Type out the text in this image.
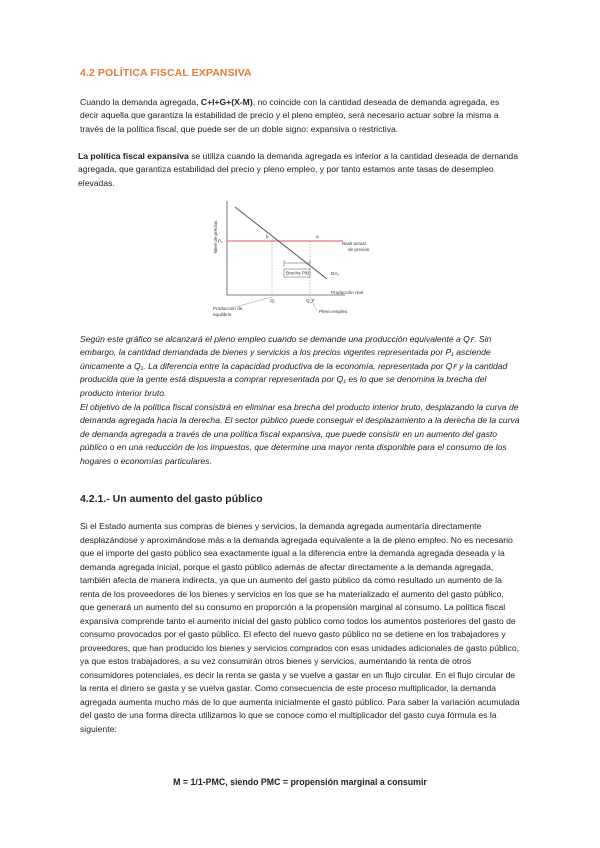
4.2 POLÍTICA FISCAL EXPANSIVA

Cuando la demanda agregada, C+I+G+(X-M), no coincide con la cantidad deseada de demanda agregada, es decir aquella que garantiza la estabilidad de precio y el pleno empleo, será necesario actuar sobre la misma a través de la política fiscal, que puede ser de un doble signo: expansiva o restrictiva.

La política fiscal expansiva se utiliza cuando la demanda agregada es inferior a la cantidad deseada de demanda agregada, que garantiza estabilidad del precio y pleno empleo, y por tanto estamos ante tasas de desempleo elevadas.

Nivel de precios
Producción real
P₁	Nivel actual
de precios
DA₁
b	a
Brecha PIB
Q₁	Q_F
Producción de
equilibrio
Pleno empleo

Según este gráfico se alcanzará el pleno empleo cuando se demande una producción equivalente a Qꜰ. Sin embargo, la cantidad demandada de bienes y servicios a los precios vigentes representada por P₁ asciende únicamente a Q₁. La diferencia entre la capacidad productiva de la economía, representada por Qꜰ y la cantidad producida que la gente está dispuesta a comprar representada por Q₁ es lo que se denomina la brecha del producto interior bruto.

El objetivo de la política fiscal consistirá en eliminar esa brecha del producto interior bruto, desplazando la curva de demanda agregada hacia la derecha. El sector público puede conseguir el desplazamiento a la derecha de la curva de demanda agregada a través de una política fiscal expansiva, que puede consistir en un aumento del gasto público o en una reducción de los impuestos, que determine una mayor renta disponible para el consumo de los hogares o economías particulares.

4.2.1.- Un aumento del gasto público

Si el Estado aumenta sus compras de bienes y servicios, la demanda agregada aumentaría directamente desplazándose y aproximándose más a la demanda agregada equivalente a la de pleno empleo. No es necesario que el importe del gasto público sea exactamente igual a la diferencia entre la demanda agregada deseada y la demanda agregada inicial, porque el gasto público además de afectar directamente a la demanda agregada, también afecta de manera indirecta, ya que un aumento del gasto público da como resultado un aumento de la renta de los proveedores de los bienes y servicios en los que se ha materializado el aumento del gasto público, que generará un aumento del su consumo en proporción a la propensión marginal al consumo. La política fiscal expansiva comprende tanto el aumento inicial del gasto público como todos los aumentos posteriores del gasto de consumo provocados por el gasto público. El efecto del nuevo gasto público no se detiene en los trabajadores y proveedores, que han producido los bienes y servicios comprados con esas unidades adicionales de gasto público, ya que estos trabajadores, a su vez consumirán otros bienes y servicios, aumentando la renta de otros consumidores potenciales, es decir la renta se gasta y se vuelve a gastar en un flujo circular. En el flujo circular de la renta el dinero se gasta y se vuelva gastar. Como consecuencia de este proceso multiplicador, la demanda agregada aumenta mucho más de lo que aumenta inicialmente el gasto público. Para saber la variación acumulada del gasto de una forma directa utilizamos lo que se conoce como el multiplicador del gasto cuya fórmula es la siguiente:

M = 1/1-PMC, siendo PMC = propensión marginal a consumir
